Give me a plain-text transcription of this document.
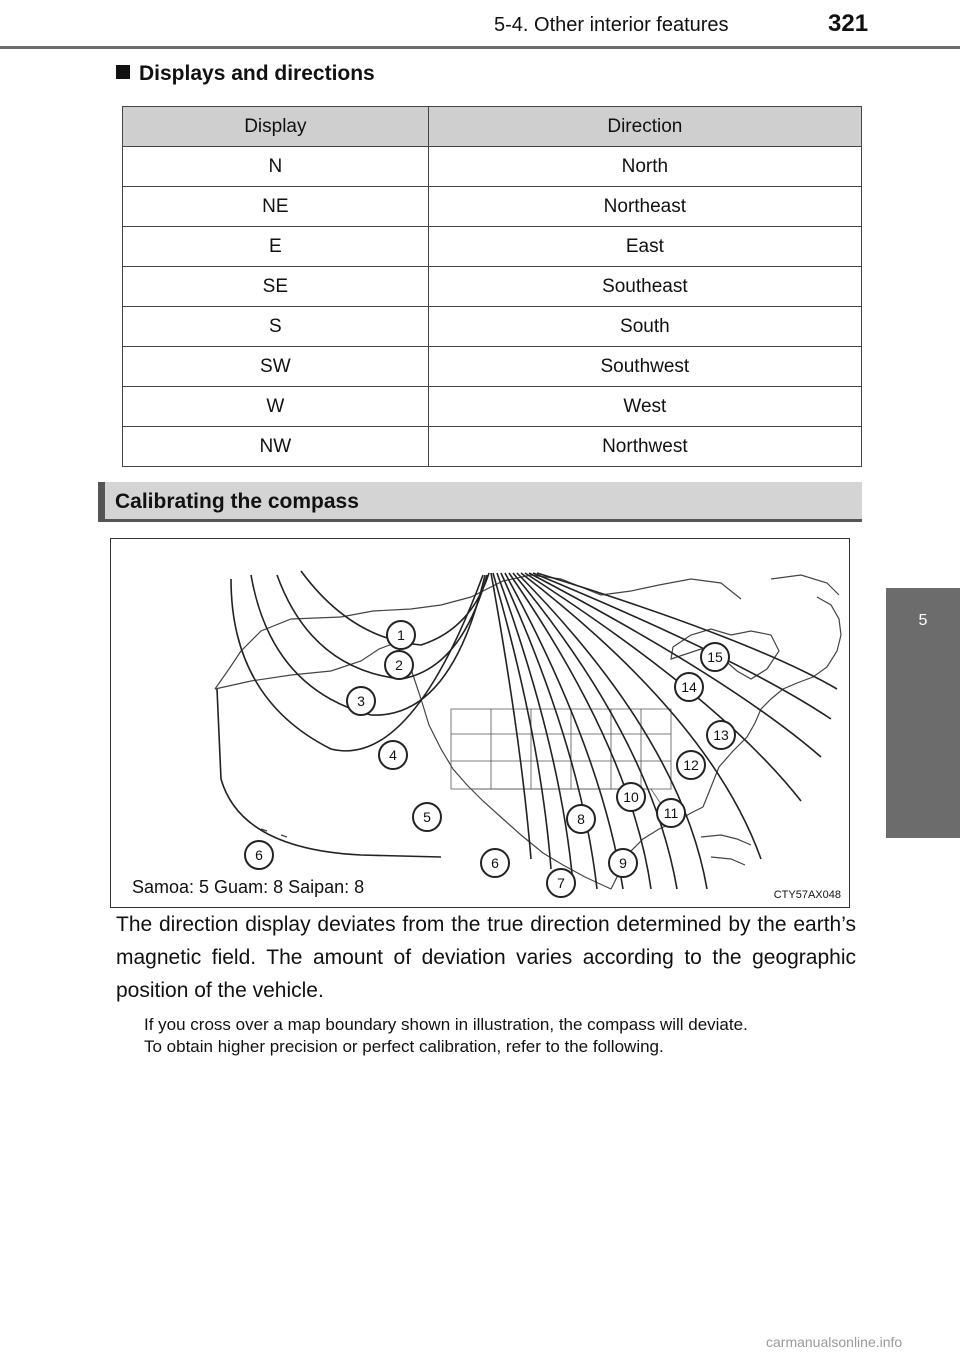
5-4. Other interior features	321
5
Interior features
Displays and directions
Display	Direction
N	North
NE	Northeast
E	East
SE	Southeast
S	South
SW	Southwest
W	West
NW	Northwest
Calibrating the compass
1
2
3
4
5
6	6
7
8
9
10
11
12
13
14
15
Samoa: 5 Guam: 8 Saipan: 8	CTY57AX048
The direction display deviates from the true direction determined by the earth’s magnetic field. The amount of deviation varies according to the geographic position of the vehicle.

If you cross over a map boundary shown in illustration, the compass will deviate.

To obtain higher precision or perfect calibration, refer to the following.

carmanualsonline.info
